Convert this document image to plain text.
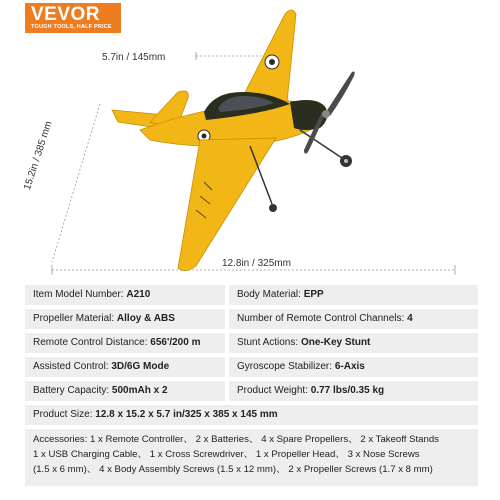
VEVOR
TOUGH TOOLS, HALF PRICE
5.7in / 145mm
15.2in / 385 mm
12.8in / 325mm
Item Model Number: A210	Body Material: EPP
Propeller Material: Alloy & ABS	Number of Remote Control Channels: 4
Remote Control Distance: 656'/200 m	Stunt Actions: One-Key Stunt
Assisted Control: 3D/6G Mode	Gyroscope Stabilizer: 6-Axis
Battery Capacity: 500mAh x 2	Product Weight: 0.77 lbs/0.35 kg
Product Size: 12.8 x 15.2 x 5.7 in/325 x 385 x 145 mm
Accessories: 1 x Remote Controller、 2 x Batteries、 4 x Spare Propellers、 2 x Takeoff Stands
1 x USB Charging Cable、 1 x Cross Screwdriver、 1 x Propeller Head、 3 x Nose Screws
(1.5 x 6 mm)、 4 x Body Assembly Screws (1.5 x 12 mm)、 2 x Propeller Screws (1.7 x 8 mm)
